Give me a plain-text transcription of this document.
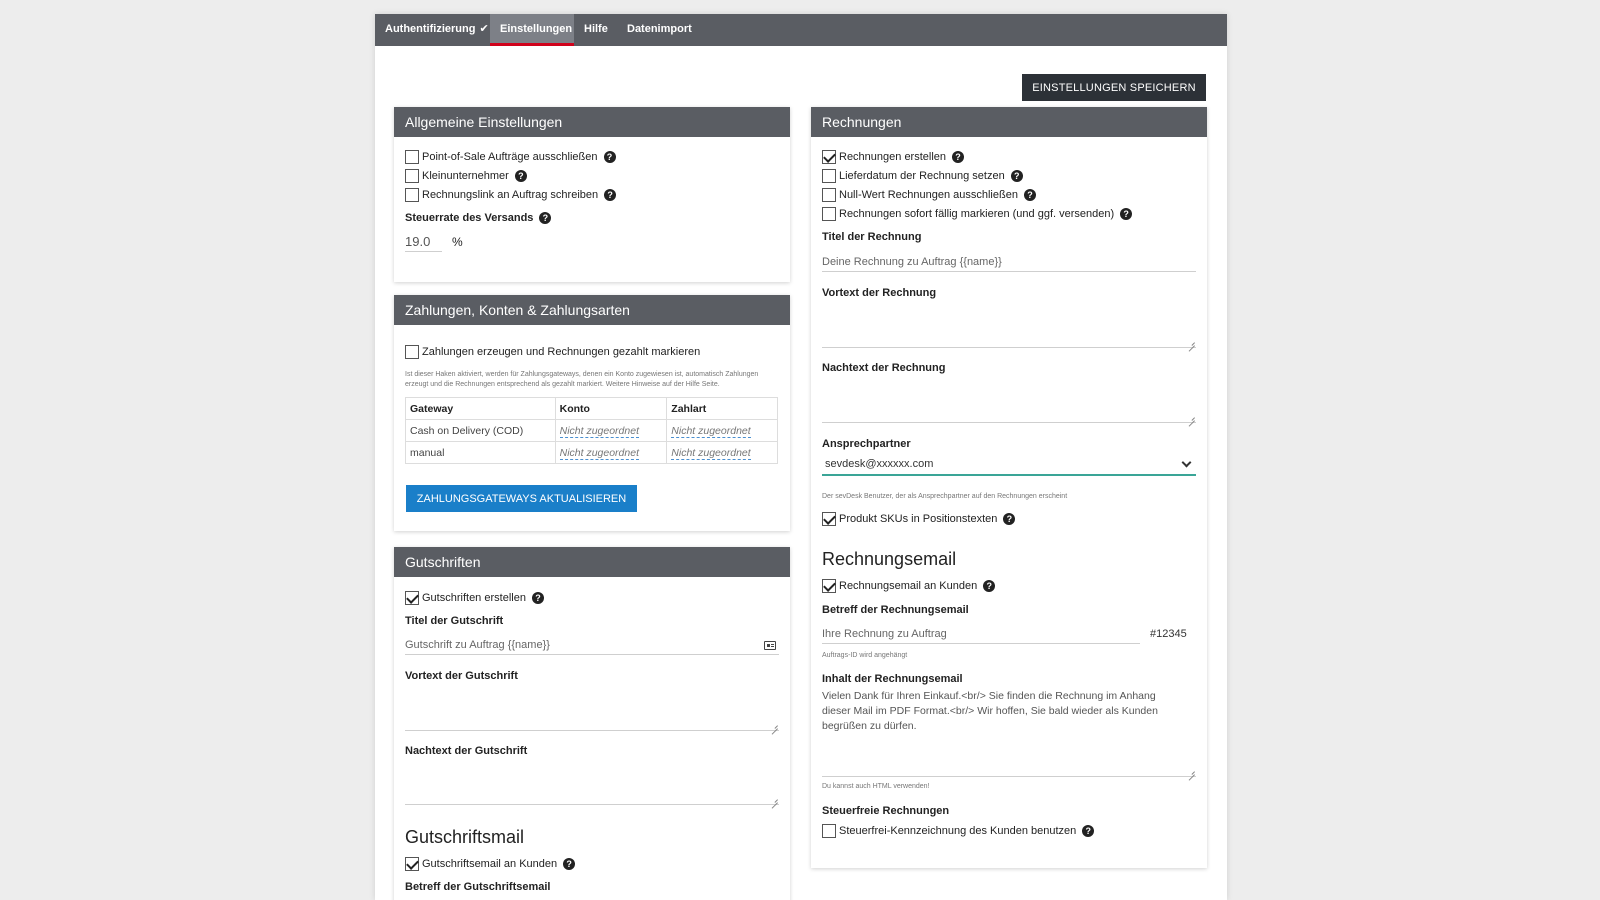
Authentifizierung ✔	Einstellungen	Hilfe	Datenimport
EINSTELLUNGEN SPEICHERN
Allgemeine Einstellungen
Point-of-Sale Aufträge ausschließen	?
Kleinunternehmer	?
Rechnungslink an Auftrag schreiben	?
Steuerrate des Versands	?
19.0	%
Zahlungen, Konten & Zahlungsarten
Zahlungen erzeugen und Rechnungen gezahlt markieren
Ist dieser Haken aktiviert, werden für Zahlungsgateways, denen ein Konto zugewiesen ist, automatisch Zahlungen erzeugt und die Rechnungen entsprechend als gezahlt markiert. Weitere Hinweise auf der Hilfe Seite.
Gateway	Konto	Zahlart
Cash on Delivery (COD)	Nicht zugeordnet	Nicht zugeordnet
manual	Nicht zugeordnet	Nicht zugeordnet
ZAHLUNGSGATEWAYS AKTUALISIEREN
Gutschriften
Gutschriften erstellen	?
Titel der Gutschrift
Gutschrift zu Auftrag {{name}}
Vortext der Gutschrift
Nachtext der Gutschrift
Gutschriftsmail
Gutschriftsemail an Kunden	?
Betreff der Gutschriftsemail
Rechnungen
Rechnungen erstellen	?
Lieferdatum der Rechnung setzen	?
Null-Wert Rechnungen ausschließen	?
Rechnungen sofort fällig markieren (und ggf. versenden)	?
Titel der Rechnung
Deine Rechnung zu Auftrag {{name}}
Vortext der Rechnung
Nachtext der Rechnung
Ansprechpartner
sevdesk@xxxxxx.com
Der sevDesk Benutzer, der als Ansprechpartner auf den Rechnungen erscheint
Produkt SKUs in Positionstexten	?
Rechnungsemail
Rechnungsemail an Kunden	?
Betreff der Rechnungsemail
Ihre Rechnung zu Auftrag	#12345
Auftrags-ID wird angehängt
Inhalt der Rechnungsemail
Vielen Dank für Ihren Einkauf.<br/> Sie finden die Rechnung im Anhang dieser Mail im PDF Format.<br/> Wir hoffen, Sie bald wieder als Kunden begrüßen zu dürfen.
Du kannst auch HTML verwenden!
Steuerfreie Rechnungen
Steuerfrei-Kennzeichnung des Kunden benutzen	?
